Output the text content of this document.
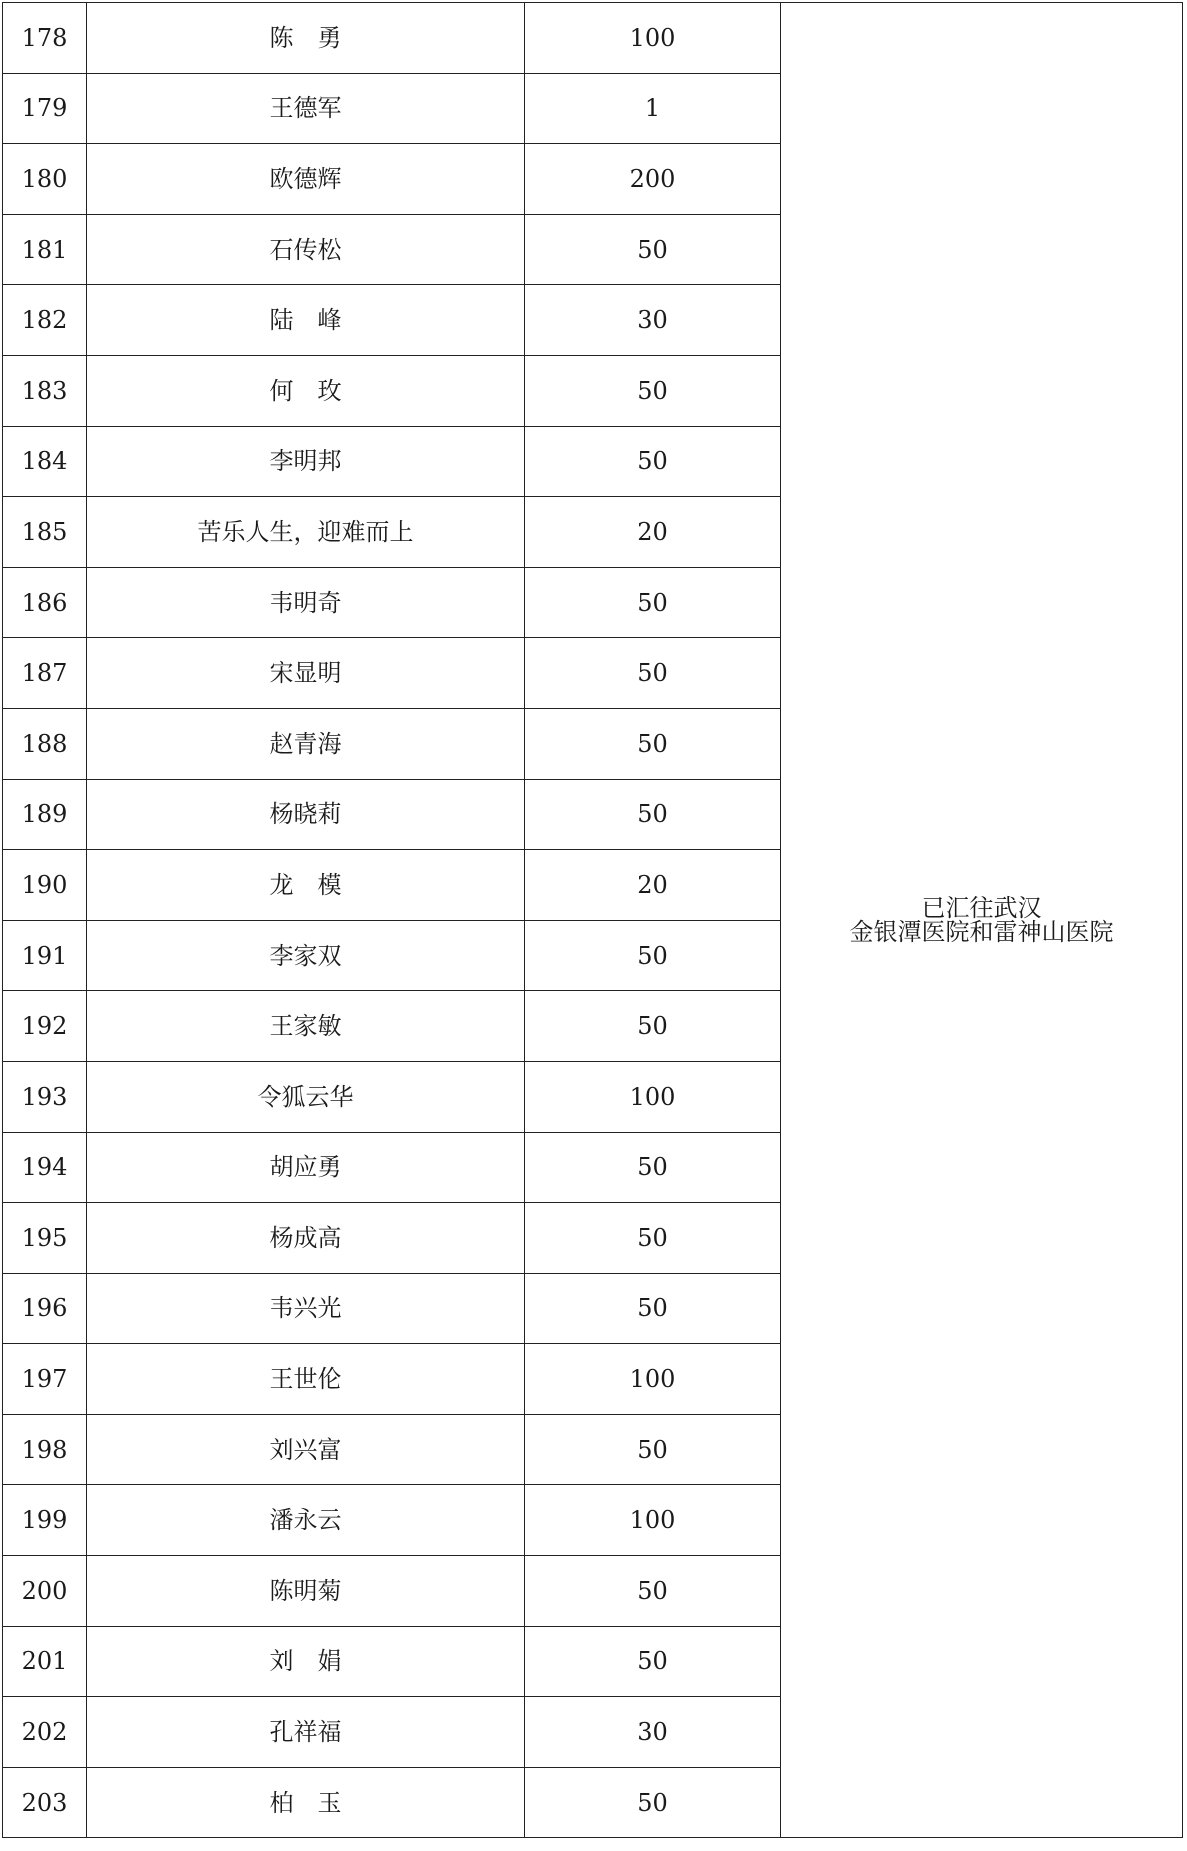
178	陈　勇	100	已汇往武汉
金银潭医院和雷神山医院

179	王德军	1	
180	欧德辉	200	
181	石传松	50	
182	陆　峰	30	
183	何　玫	50	
184	李明邦	50	
185	苦乐人生，迎难而上	20	
186	韦明奇	50	
187	宋显明	50	
188	赵青海	50	
189	杨晓莉	50	
190	龙　模	20	
191	李家双	50	
192	王家敏	50	
193	令狐云华	100	
194	胡应勇	50	
195	杨成高	50	
196	韦兴光	50	
197	王世伦	100	
198	刘兴富	50	
199	潘永云	100	
200	陈明菊	50	
201	刘　娟	50	
202	孔祥福	30	
203	柏　玉	50	
